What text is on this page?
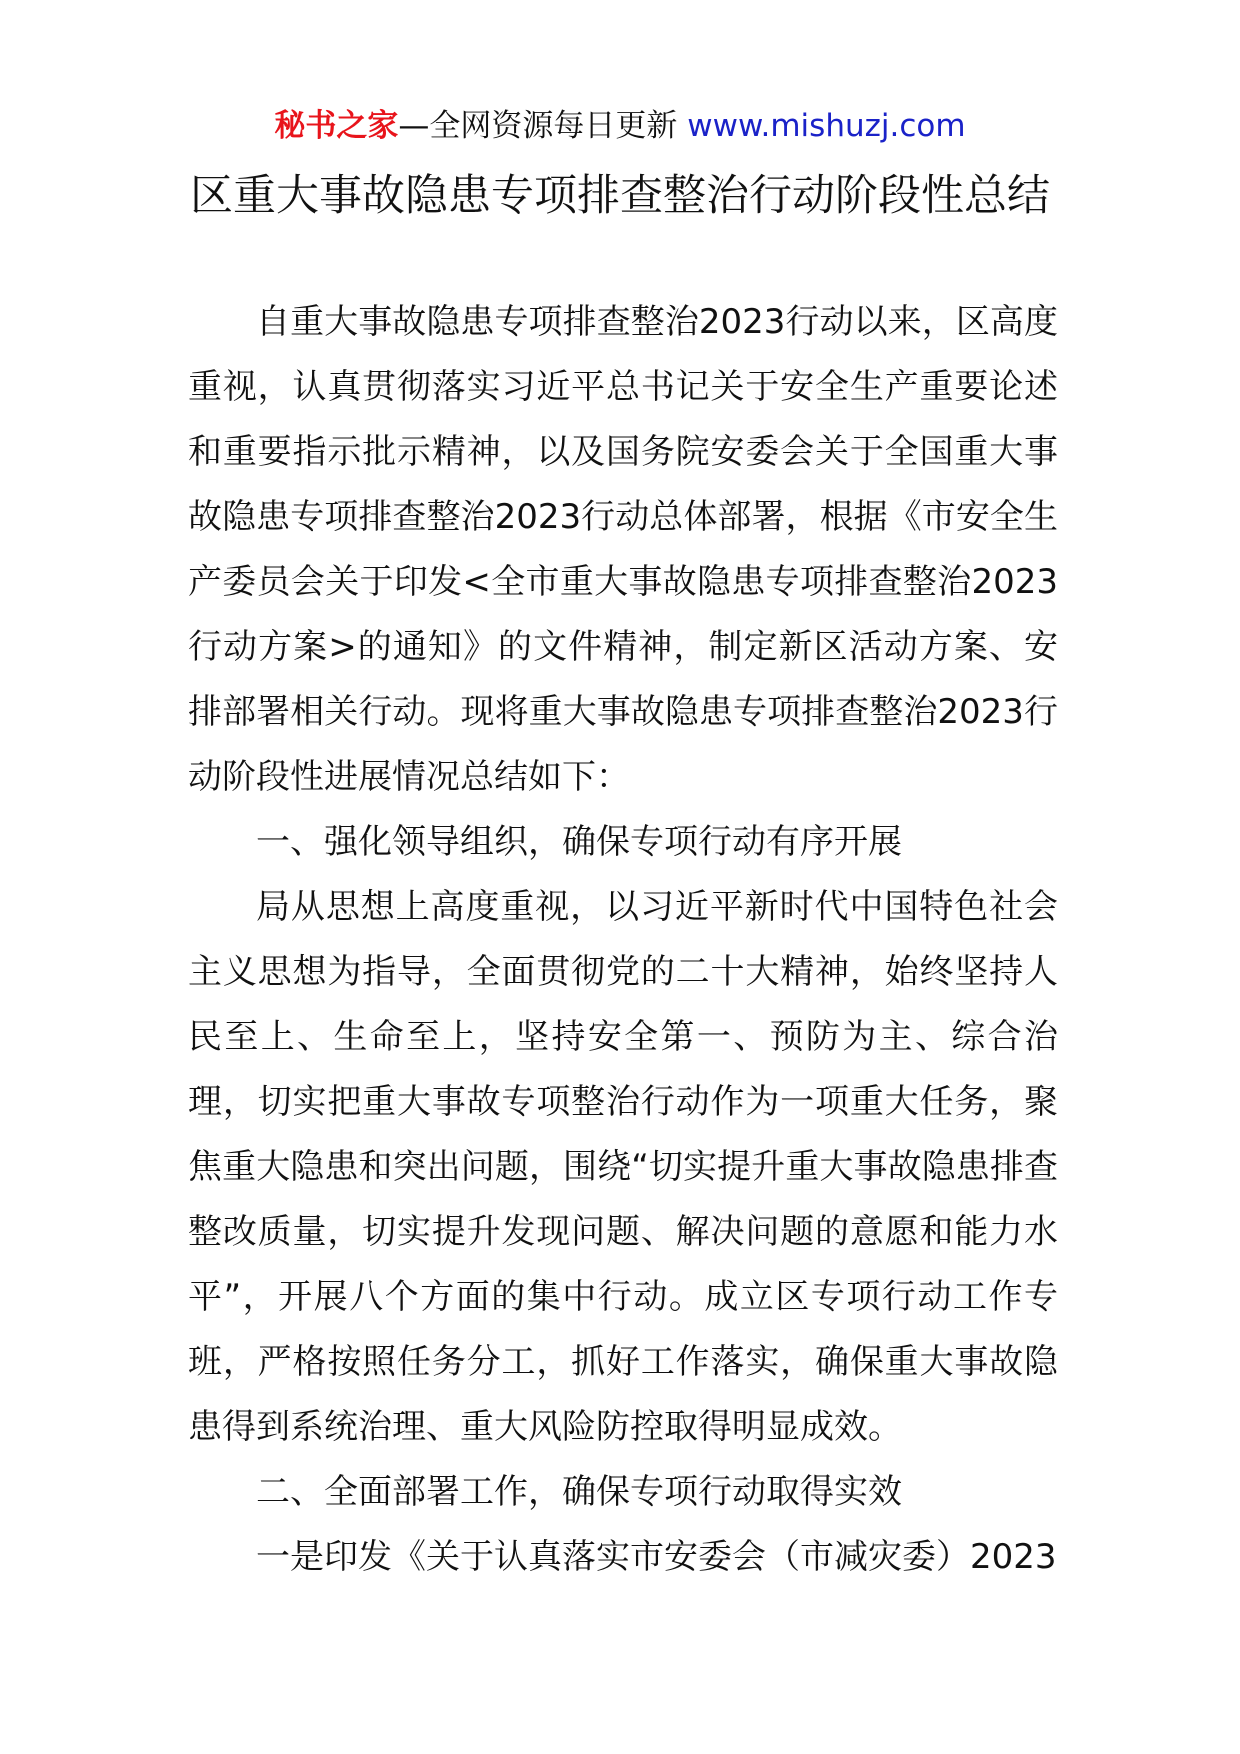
秘书之家—全网资源每日更新 www.mishuzj.com
区重大事故隐患专项排查整治行动阶段性总结

自重大事故隐患专项排查整治2023行动以来，区高度重视，认真贯彻落实习近平总书记关于安全生产重要论述和重要指示批示精神，以及国务院安委会关于全国重大事故隐患专项排查整治2023行动总体部署，根据《市安全生产委员会关于印发<全市重大事故隐患专项排查整治2023行动方案>的通知》的文件精神，制定新区活动方案、安排部署相关行动。现将重大事故隐患专项排查整治2023行动阶段性进展情况总结如下：

一、强化领导组织，确保专项行动有序开展

局从思想上高度重视，以习近平新时代中国特色社会主义思想为指导，全面贯彻党的二十大精神，始终坚持人民至上、生命至上，坚持安全第一、预防为主、综合治理，切实把重大事故专项整治行动作为一项重大任务，聚焦重大隐患和突出问题，围绕“切实提升重大事故隐患排查整改质量，切实提升发现问题、解决问题的意愿和能力水平”，开展八个方面的集中行动。成立区专项行动工作专班，严格按照任务分工，抓好工作落实，确保重大事故隐患得到系统治理、重大风险防控取得明显成效。

二、全面部署工作，确保专项行动取得实效

一是印发《关于认真落实市安委会（市减灾委）2023
